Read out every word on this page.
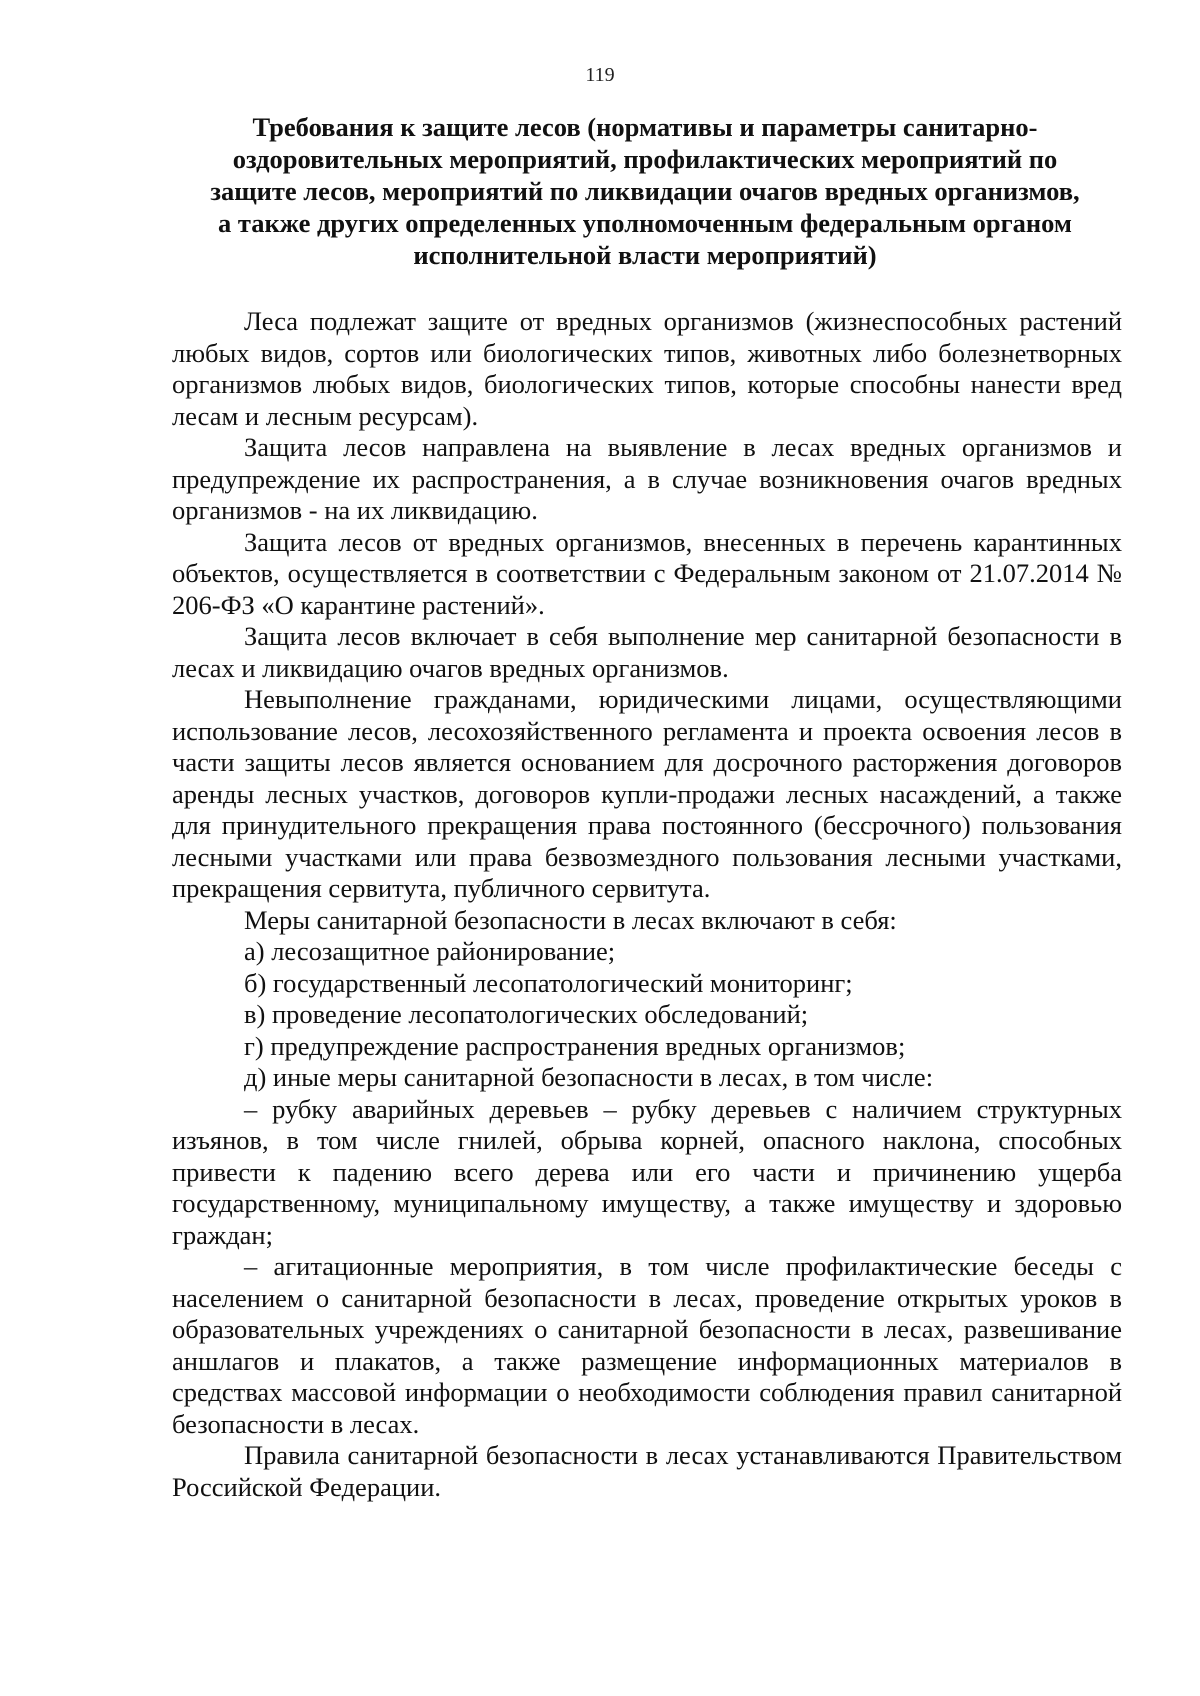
119
Требования к защите лесов (нормативы и параметры санитарно-
оздоровительных мероприятий, профилактических мероприятий по
защите лесов, мероприятий по ликвидации очагов вредных организмов,
а также других определенных уполномоченным федеральным органом
исполнительной власти мероприятий)

Леса подлежат защите от вредных организмов (жизнеспособных растений любых видов, сортов или биологических типов, животных либо болезнетворных организмов любых видов, биологических типов, которые способны нанести вред лесам и лесным ресурсам).

Защита лесов направлена на выявление в лесах вредных организмов и предупреждение их распространения, а в случае возникновения очагов вредных организмов - на их ликвидацию.

Защита лесов от вредных организмов, внесенных в перечень карантинных объектов, осуществляется в соответствии с Федеральным законом от 21.07.2014 № 206-ФЗ «О карантине растений».

Защита лесов включает в себя выполнение мер санитарной безопасности в лесах и ликвидацию очагов вредных организмов.

Невыполнение гражданами, юридическими лицами, осуществляющими использование лесов, лесохозяйственного регламента и проекта освоения лесов в части защиты лесов является основанием для досрочного расторжения договоров аренды лесных участков, договоров купли-продажи лесных насаждений, а также для принудительного прекращения права постоянного (бессрочного) пользования лесными участками или права безвозмездного пользования лесными участками, прекращения сервитута, публичного сервитута.

Меры санитарной безопасности в лесах включают в себя:

а) лесозащитное районирование;

б) государственный лесопатологический мониторинг;

в) проведение лесопатологических обследований;

г) предупреждение распространения вредных организмов;

д) иные меры санитарной безопасности в лесах, в том числе:

– рубку аварийных деревьев – рубку деревьев с наличием структурных изъянов, в том числе гнилей, обрыва корней, опасного наклона, способных привести к падению всего дерева или его части и причинению ущерба государственному, муниципальному имуществу, а также имуществу и здоровью граждан;

– агитационные мероприятия, в том числе профилактические беседы с населением о санитарной безопасности в лесах, проведение открытых уроков в образовательных учреждениях о санитарной безопасности в лесах, развешивание аншлагов и плакатов, а также размещение информационных материалов в средствах массовой информации о необходимости соблюдения правил санитарной безопасности в лесах.

Правила санитарной безопасности в лесах устанавливаются Правительством Российской Федерации.
